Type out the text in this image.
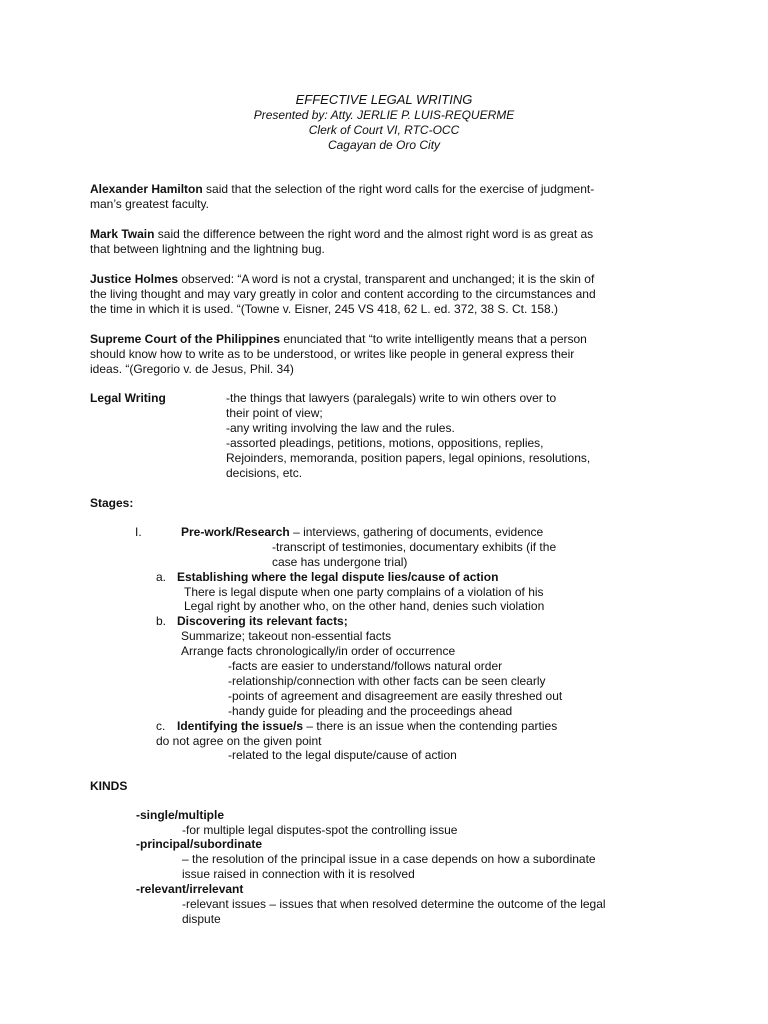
EFFECTIVE LEGAL WRITING
Presented by: Atty. JERLIE P. LUIS-REQUERME
Clerk of Court VI, RTC-OCC
Cagayan de Oro City
Alexander Hamilton said that the selection of the right word calls for the exercise of judgment-
man’s greatest faculty.
Mark Twain said the difference between the right word and the almost right word is as great as
that between lightning and the lightning bug.
Justice Holmes observed: “A word is not a crystal, transparent and unchanged; it is the skin of
the living thought and may vary greatly in color and content according to the circumstances and
the time in which it is used. “(Towne v. Eisner, 245 VS 418, 62 L. ed. 372, 38 S. Ct. 158.)
Supreme Court of the Philippines enunciated that “to write intelligently means that a person
should know how to write as to be understood, or writes like people in general express their
ideas. “(Gregorio v. de Jesus, Phil. 34)
Legal Writing	-the things that lawyers (paralegals) write to win others over to
their point of view;
-any writing involving the law and the rules.
-assorted pleadings, petitions, motions, oppositions, replies,
Rejoinders, memoranda, position papers, legal opinions, resolutions,
decisions, etc.
Stages:
I.	Pre-work/Research – interviews, gathering of documents, evidence
-transcript of testimonies, documentary exhibits (if the
case has undergone trial)
a. Establishing where the legal dispute lies/cause of action
There is legal dispute when one party complains of a violation of his
Legal right by another who, on the other hand, denies such violation
b. Discovering its relevant facts;
Summarize; takeout non-essential facts
Arrange facts chronologically/in order of occurrence
-facts are easier to understand/follows natural order
-relationship/connection with other facts can be seen clearly
-points of agreement and disagreement are easily threshed out
-handy guide for pleading and the proceedings ahead
c. Identifying the issue/s – there is an issue when the contending parties
do not agree on the given point
-related to the legal dispute/cause of action
KINDS
-single/multiple
-for multiple legal disputes-spot the controlling issue
-principal/subordinate
– the resolution of the principal issue in a case depends on how a subordinate
issue raised in connection with it is resolved
-relevant/irrelevant
-relevant issues – issues that when resolved determine the outcome of the legal
dispute
